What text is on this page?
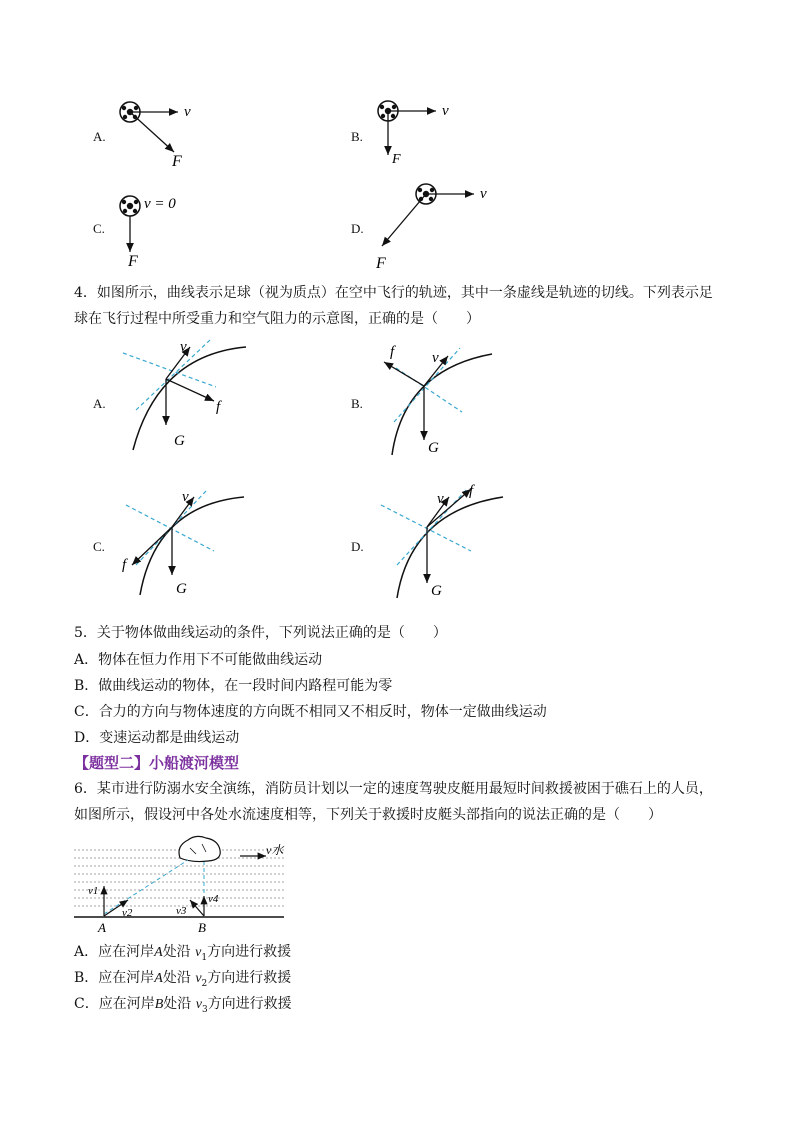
A.
v
F
B.
v
F
C.
v = 0
F
D.
v
F
4．如图所示，曲线表示足球（视为质点）在空中飞行的轨迹，其中一条虚线是轨迹的切线。下列表示足
球在飞行过程中所受重力和空气阻力的示意图，正确的是（　　）
A.
v
f
G
B.
v
f
G
C.
v
f
G
D.
v f
G
5．关于物体做曲线运动的条件，下列说法正确的是（　　）
A．物体在恒力作用下不可能做曲线运动
B．做曲线运动的物体，在一段时间内路程可能为零
C．合力的方向与物体速度的方向既不相同又不相反时，物体一定做曲线运动
D．变速运动都是曲线运动
【题型二】小船渡河模型
6．某市进行防溺水安全演练，消防员计划以一定的速度驾驶皮艇用最短时间救援被困于礁石上的人员，
如图所示，假设河中各处水流速度相等，下列关于救援时皮艇头部指向的说法正确的是（　　）
v水
v1
v2	v3
v4
A	B
A．应在河岸A处沿 $v_1$方向进行救援
B．应在河岸A处沿 $v_2$方向进行救援
C．应在河岸B处沿 $v_3$方向进行救援
